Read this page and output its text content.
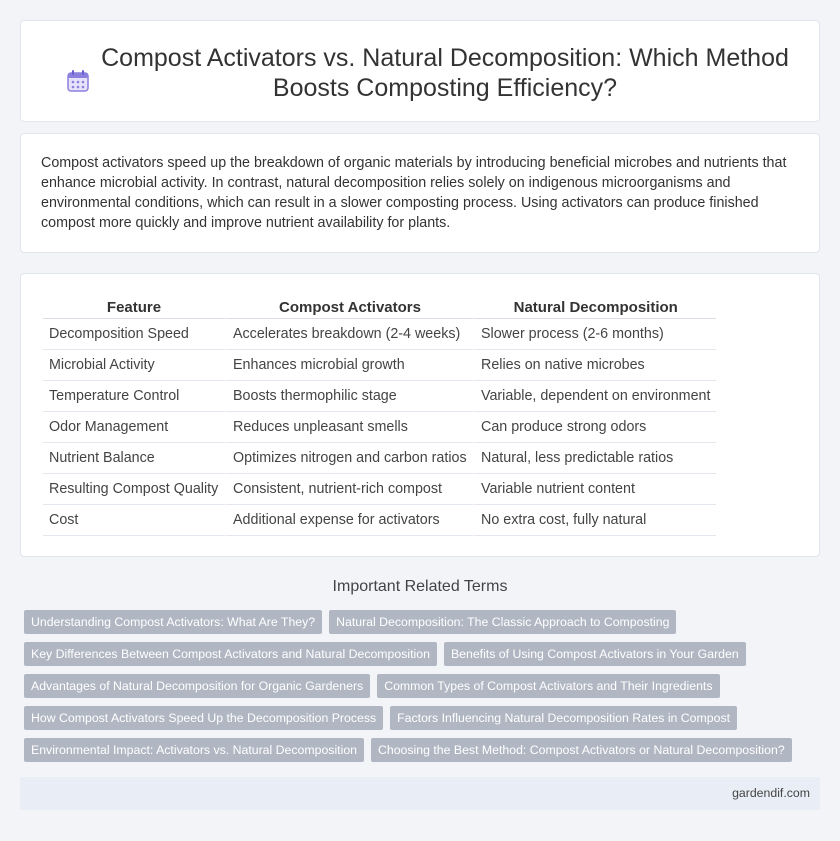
Compost Activators vs. Natural Decomposition: Which Method Boosts Composting Efficiency?

Compost activators speed up the breakdown of organic materials by introducing beneficial microbes and nutrients that enhance microbial activity. In contrast, natural decomposition relies solely on indigenous microorganisms and environmental conditions, which can result in a slower composting process. Using activators can produce finished compost more quickly and improve nutrient availability for plants.

Feature	Compost Activators	Natural Decomposition
Decomposition Speed	Accelerates breakdown (2-4 weeks)	Slower process (2-6 months)
Microbial Activity	Enhances microbial growth	Relies on native microbes
Temperature Control	Boosts thermophilic stage	Variable, dependent on environment
Odor Management	Reduces unpleasant smells	Can produce strong odors
Nutrient Balance	Optimizes nitrogen and carbon ratios	Natural, less predictable ratios
Resulting Compost Quality	Consistent, nutrient-rich compost	Variable nutrient content
Cost	Additional expense for activators	No extra cost, fully natural
Important Related Terms
Understanding Compost Activators: What Are They? Natural Decomposition: The Classic Approach to Composting
Key Differences Between Compost Activators and Natural Decomposition Benefits of Using Compost Activators in Your Garden
Advantages of Natural Decomposition for Organic Gardeners Common Types of Compost Activators and Their Ingredients
How Compost Activators Speed Up the Decomposition Process Factors Influencing Natural Decomposition Rates in Compost
Environmental Impact: Activators vs. Natural Decomposition Choosing the Best Method: Compost Activators or Natural Decomposition?
gardendif.com
